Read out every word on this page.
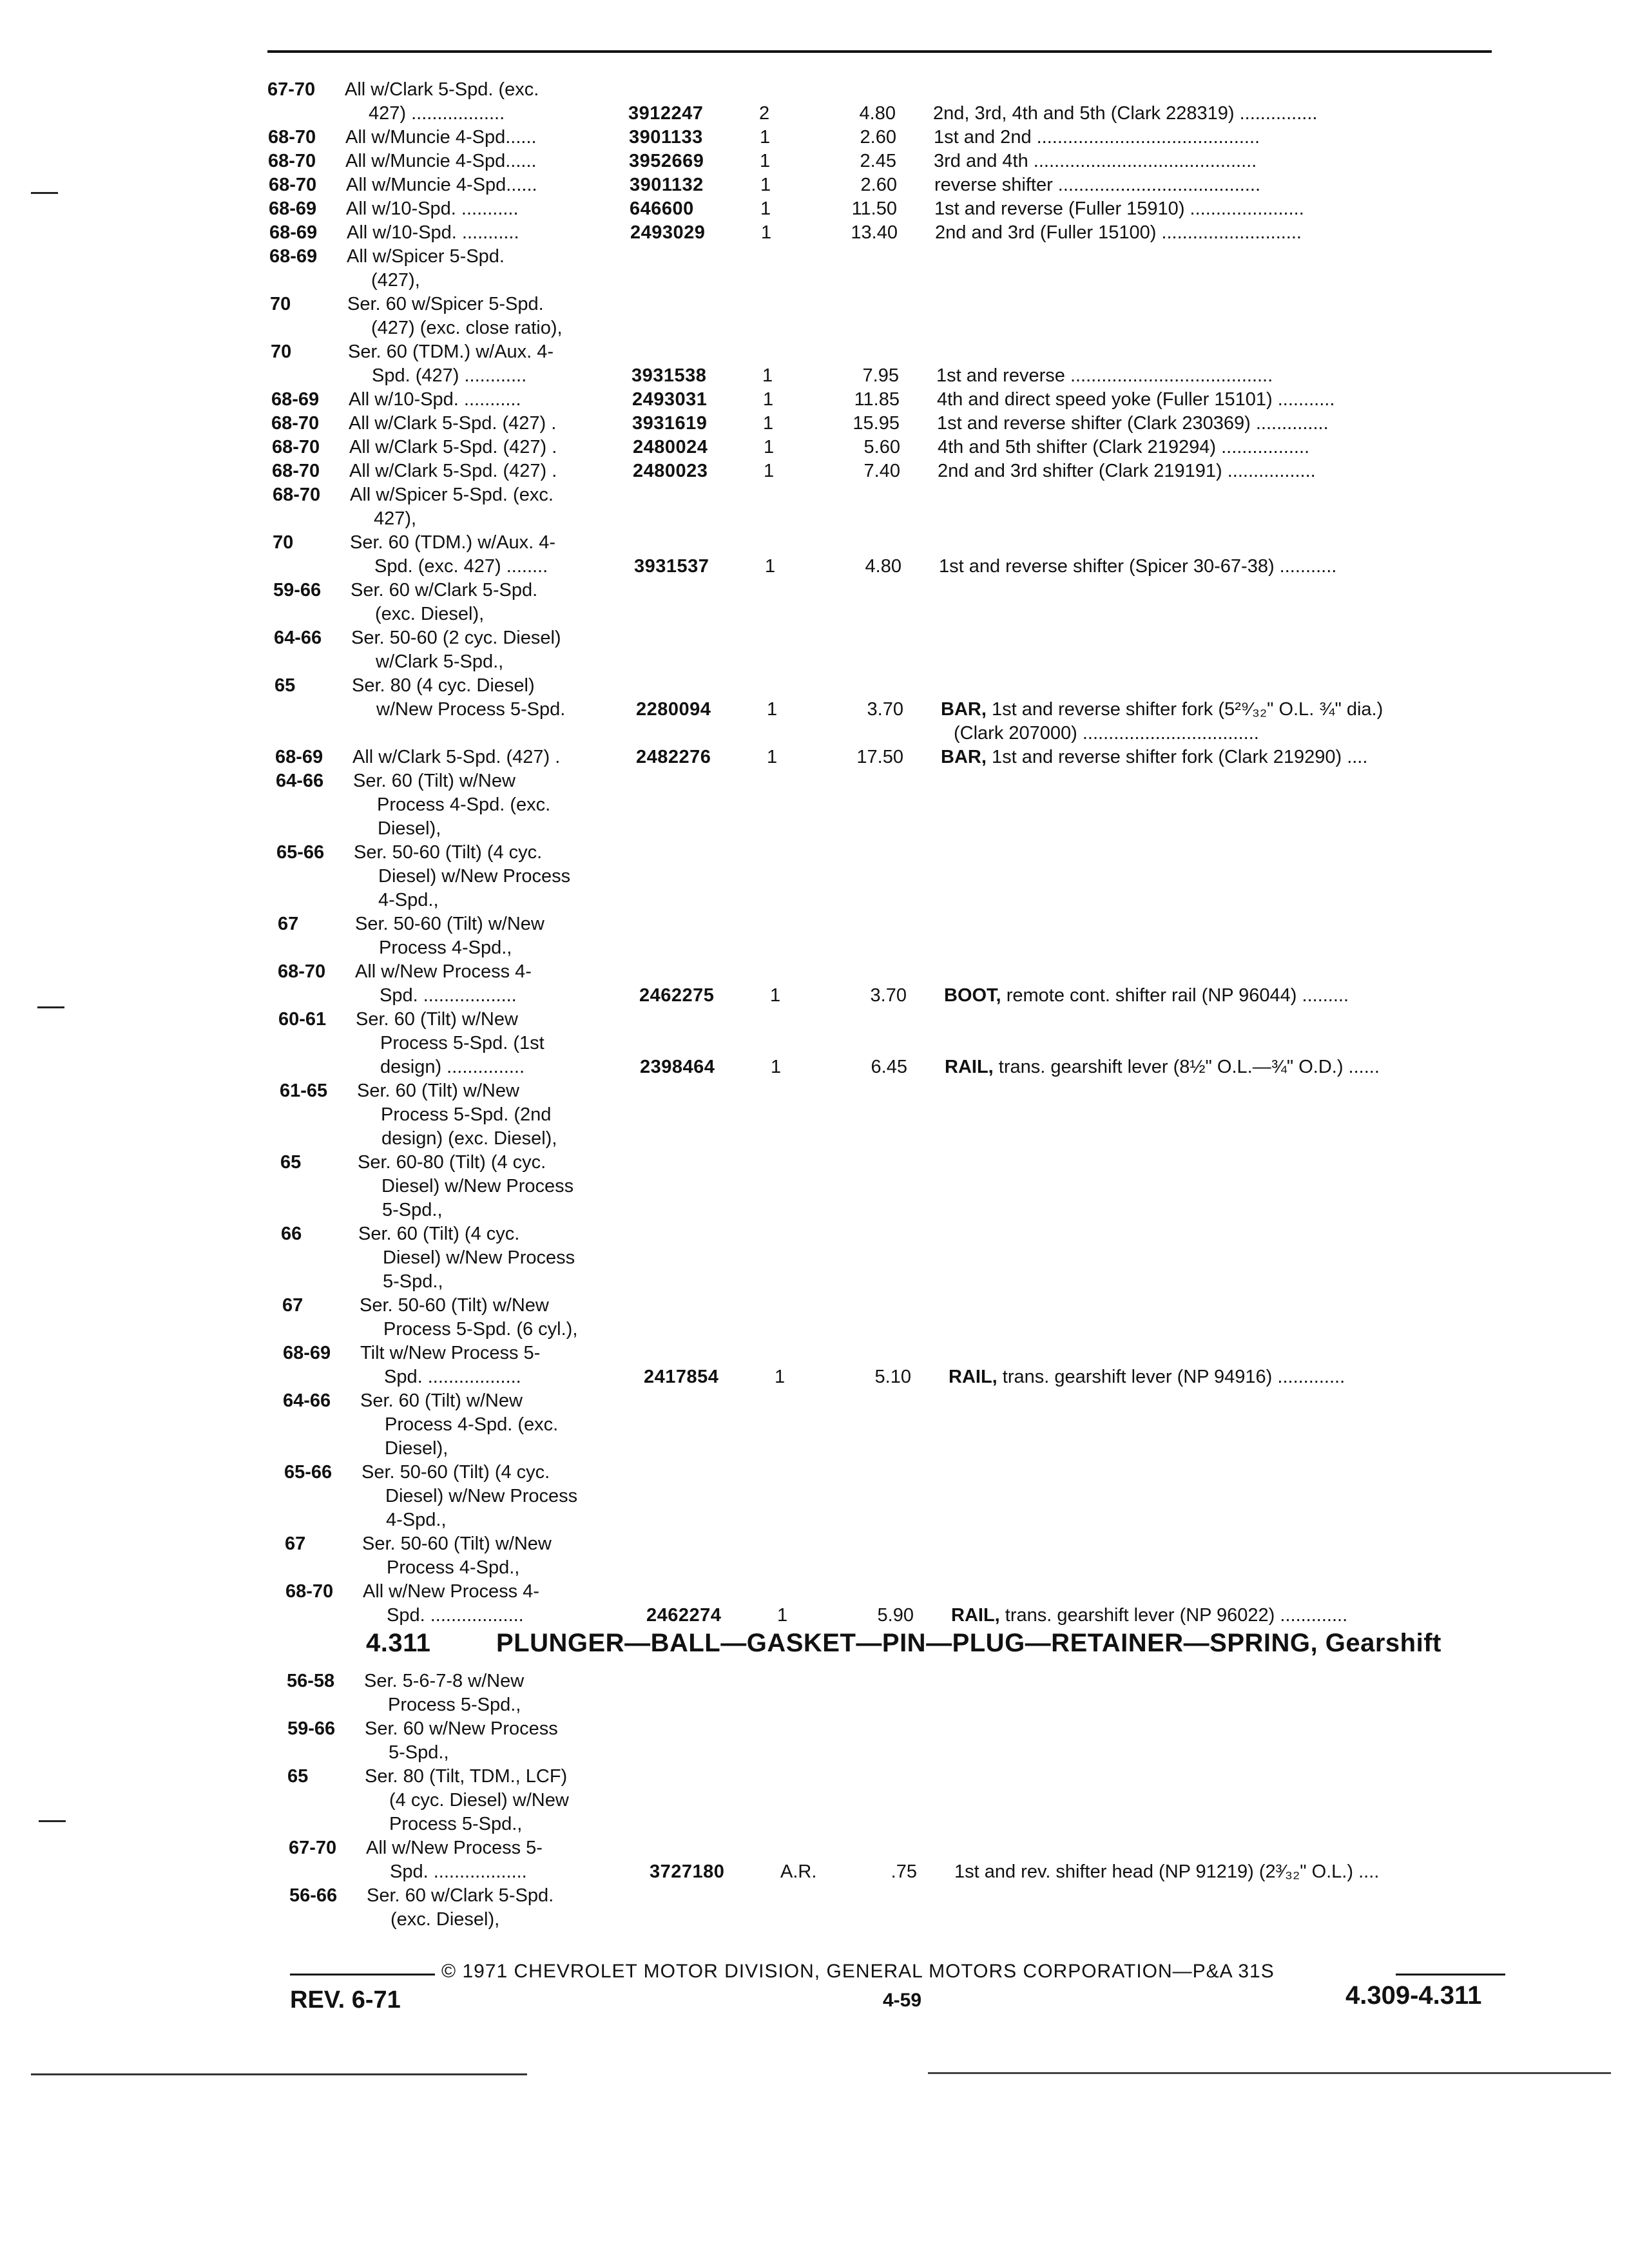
67-70 All w/Clark 5-Spd. (exc.
427) ..................	3912247	2	4.80 2nd, 3rd, 4th and 5th (Clark 228319) ...............
68-70 All w/Muncie 4-Spd......	3901133	1	2.60 1st and 2nd ...........................................
68-70 All w/Muncie 4-Spd......	3952669	1	2.45 3rd and 4th ...........................................
68-70 All w/Muncie 4-Spd......	3901132	1	2.60 reverse shifter .......................................
68-69 All w/10-Spd. ...........	646600	1	11.50 1st and reverse (Fuller 15910) ......................
68-69 All w/10-Spd. ...........	2493029	1	13.40 2nd and 3rd (Fuller 15100) ...........................
68-69 All w/Spicer 5-Spd.
(427),
70	Ser. 60 w/Spicer 5-Spd.
(427) (exc. close ratio),
70	Ser. 60 (TDM.) w/Aux. 4-
Spd. (427) ............	3931538	1	7.95 1st and reverse .......................................
68-69 All w/10-Spd. ...........	2493031	1	11.85 4th and direct speed yoke (Fuller 15101) ...........
68-70 All w/Clark 5-Spd. (427) .	3931619	1	15.95 1st and reverse shifter (Clark 230369) ..............
68-70 All w/Clark 5-Spd. (427) .	2480024	1	5.60 4th and 5th shifter (Clark 219294) .................
68-70 All w/Clark 5-Spd. (427) .	2480023	1	7.40 2nd and 3rd shifter (Clark 219191) .................
68-70 All w/Spicer 5-Spd. (exc.
427),
70	Ser. 60 (TDM.) w/Aux. 4-
Spd. (exc. 427) ........	3931537	1	4.80 1st and reverse shifter (Spicer 30-67-38) ...........
59-66 Ser. 60 w/Clark 5-Spd.
(exc. Diesel),
64-66 Ser. 50-60 (2 cyc. Diesel)
w/Clark 5-Spd.,
65	Ser. 80 (4 cyc. Diesel)
w/New Process 5-Spd.	2280094	1	3.70 BAR, 1st and reverse shifter fork (5²⁹⁄₃₂" O.L. ¾" dia.)
(Clark 207000) ..................................
68-69 All w/Clark 5-Spd. (427) .	2482276	1	17.50 BAR, 1st and reverse shifter fork (Clark 219290) ....
64-66 Ser. 60 (Tilt) w/New
Process 4-Spd. (exc.
Diesel),
65-66 Ser. 50-60 (Tilt) (4 cyc.
Diesel) w/New Process
4-Spd.,
67	Ser. 50-60 (Tilt) w/New
Process 4-Spd.,
68-70 All w/New Process 4-
Spd. ..................	2462275	1	3.70 BOOT, remote cont. shifter rail (NP 96044) .........
60-61 Ser. 60 (Tilt) w/New
Process 5-Spd. (1st
design) ...............	2398464	1	6.45 RAIL, trans. gearshift lever (8½" O.L.—¾" O.D.) ......
61-65 Ser. 60 (Tilt) w/New
Process 5-Spd. (2nd
design) (exc. Diesel),
65	Ser. 60-80 (Tilt) (4 cyc.
Diesel) w/New Process
5-Spd.,
66	Ser. 60 (Tilt) (4 cyc.
Diesel) w/New Process
5-Spd.,
67	Ser. 50-60 (Tilt) w/New
Process 5-Spd. (6 cyl.),
68-69 Tilt w/New Process 5-
Spd. ..................	2417854	1	5.10 RAIL, trans. gearshift lever (NP 94916) .............
64-66 Ser. 60 (Tilt) w/New
Process 4-Spd. (exc.
Diesel),
65-66 Ser. 50-60 (Tilt) (4 cyc.
Diesel) w/New Process
4-Spd.,
67	Ser. 50-60 (Tilt) w/New
Process 4-Spd.,
68-70 All w/New Process 4-
Spd. ..................	2462274	1	5.90 RAIL, trans. gearshift lever (NP 96022) .............
56-58 Ser. 5-6-7-8 w/New
Process 5-Spd.,
59-66 Ser. 60 w/New Process
5-Spd.,
65	Ser. 80 (Tilt, TDM., LCF)
(4 cyc. Diesel) w/New
Process 5-Spd.,
67-70 All w/New Process 5-
Spd. ..................	3727180	A.R.	.75 1st and rev. shifter head (NP 91219) (2³⁄₃₂" O.L.) ....
56-66 Ser. 60 w/Clark 5-Spd.
(exc. Diesel),
4.311	PLUNGER—BALL—GASKET—PIN—PLUG—RETAINER—SPRING, Gearshift
© 1971 CHEVROLET MOTOR DIVISION, GENERAL MOTORS CORPORATION—P&A 31S
REV. 6-71	4-59	4.309-4.311
